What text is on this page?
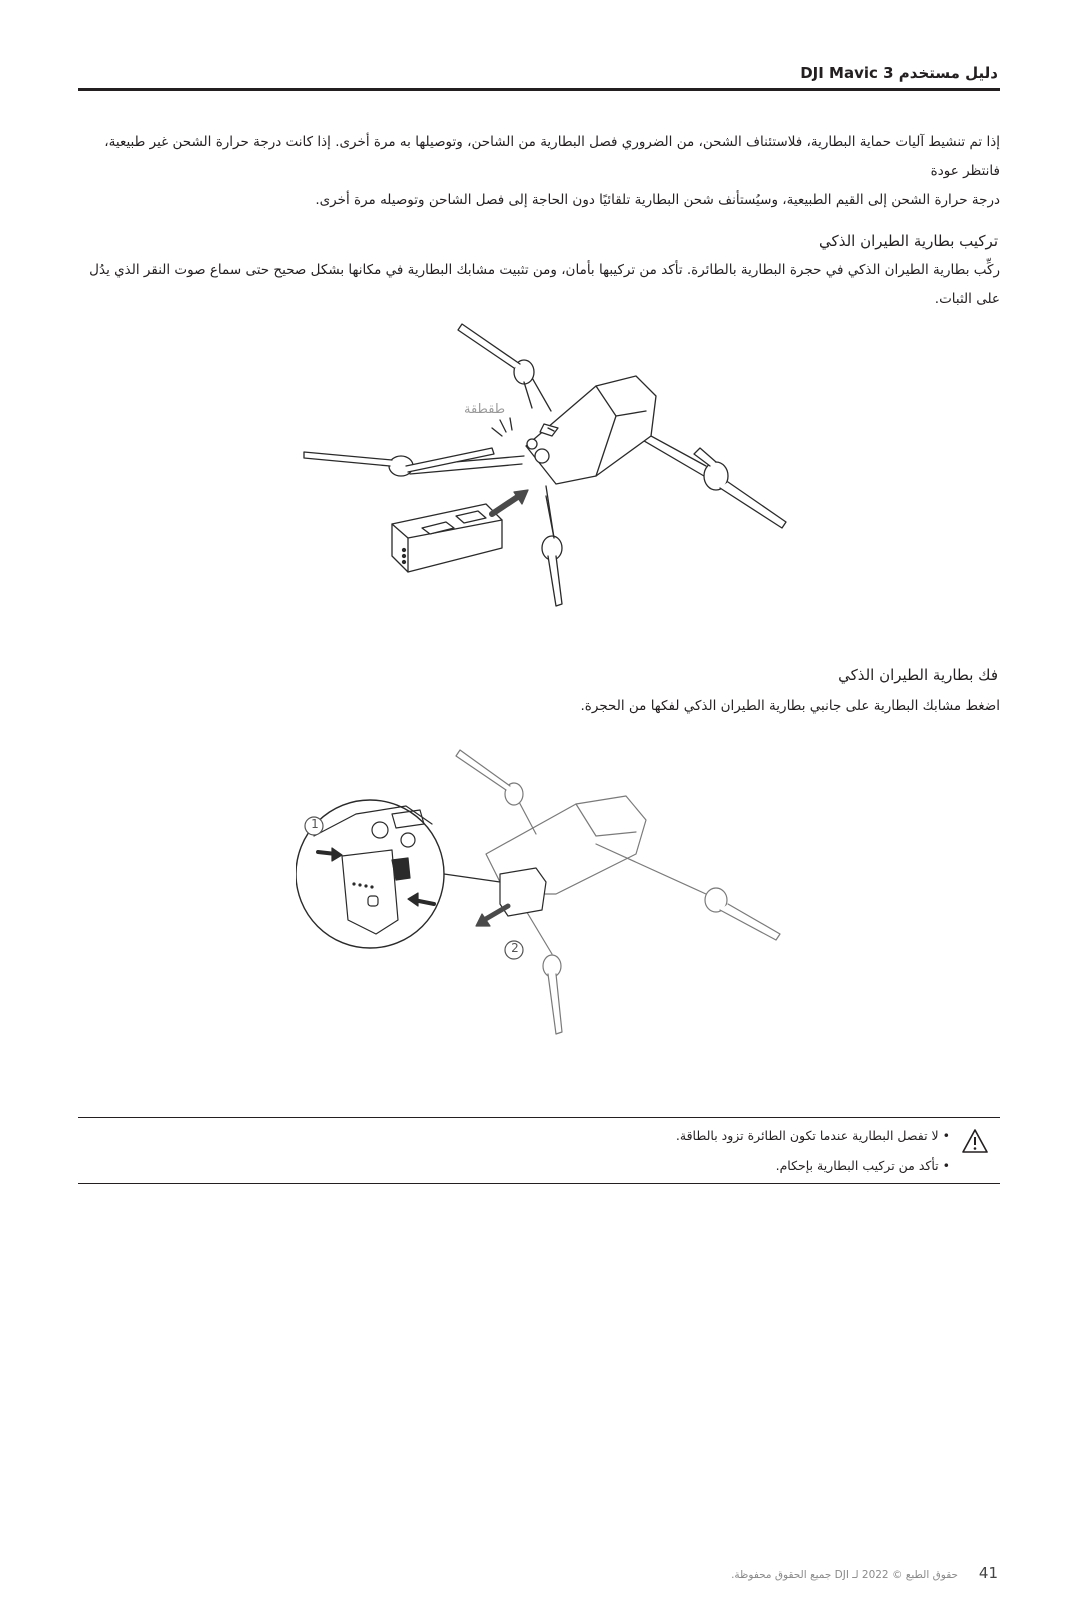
دليل مستخدم DJI Mavic 3
إذا تم تنشيط آليات حماية البطارية، فلاستئناف الشحن، من الضروري فصل البطارية من الشاحن، وتوصيلها به مرة أخرى. إذا كانت درجة حرارة الشحن غير طبيعية، فانتظر عودة
درجة حرارة الشحن إلى القيم الطبيعية، وسيُستأنف شحن البطارية تلقائيًا دون الحاجة إلى فصل الشاحن وتوصيله مرة أخرى.
تركيب بطارية الطيران الذكي
ركِّب بطارية الطيران الذكي في حجرة البطارية بالطائرة. تأكد من تركيبها بأمان، ومن تثبيت مشابك البطارية في مكانها بشكل صحيح حتى سماع صوت النقر الذي يدُل على الثبات.
طقطقة
فك بطارية الطيران الذكي
اضغط مشابك البطارية على جانبي بطارية الطيران الذكي لفكها من الحجرة.
1
2
• لا تفصل البطارية عندما تكون الطائرة تزود بالطاقة.
• تأكد من تركيب البطارية بإحكام.
حقوق الطبع © 2022 لـ DJI جميع الحقوق محفوظة. 41
